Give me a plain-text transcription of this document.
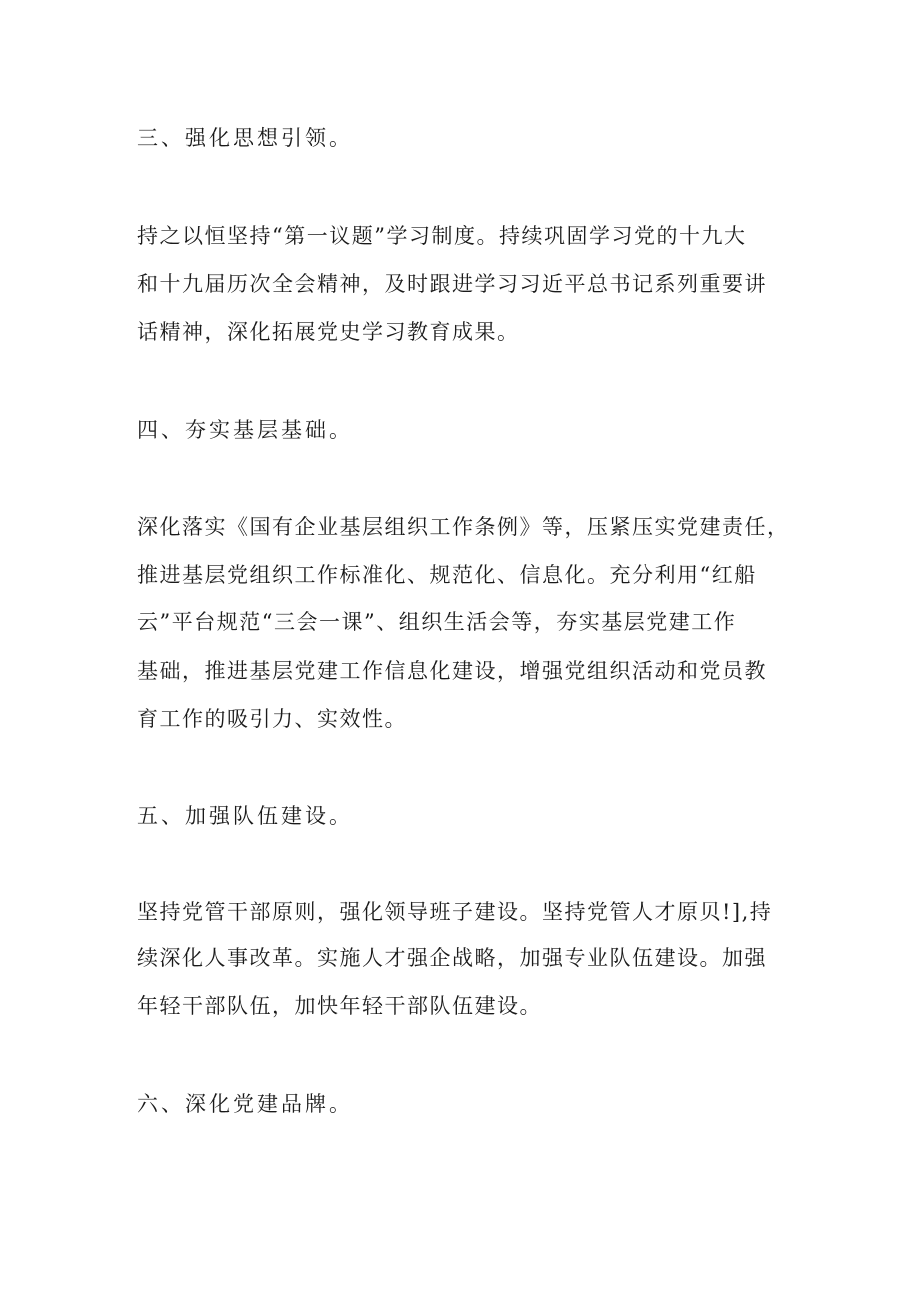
三、强化思想引领。

持之以恒坚持“第一议题”学习制度。持续巩固学习党的十九大

和十九届历次全会精神，及时跟进学习习近平总书记系列重要讲

话精神，深化拓展党史学习教育成果。

四、夯实基层基础。

深化落实《国有企业基层组织工作条例》等，压紧压实党建责任，

推进基层党组织工作标准化、规范化、信息化。充分利用“红船

云”平台规范“三会一课”、组织生活会等，夯实基层党建工作

基础，推进基层党建工作信息化建设，增强党组织活动和党员教

育工作的吸引力、实效性。

五、加强队伍建设。

坚持党管干部原则，强化领导班子建设。坚持党管人才原贝!],持

续深化人事改革。实施人才强企战略，加强专业队伍建设。加强

年轻干部队伍，加快年轻干部队伍建设。

六、深化党建品牌。
